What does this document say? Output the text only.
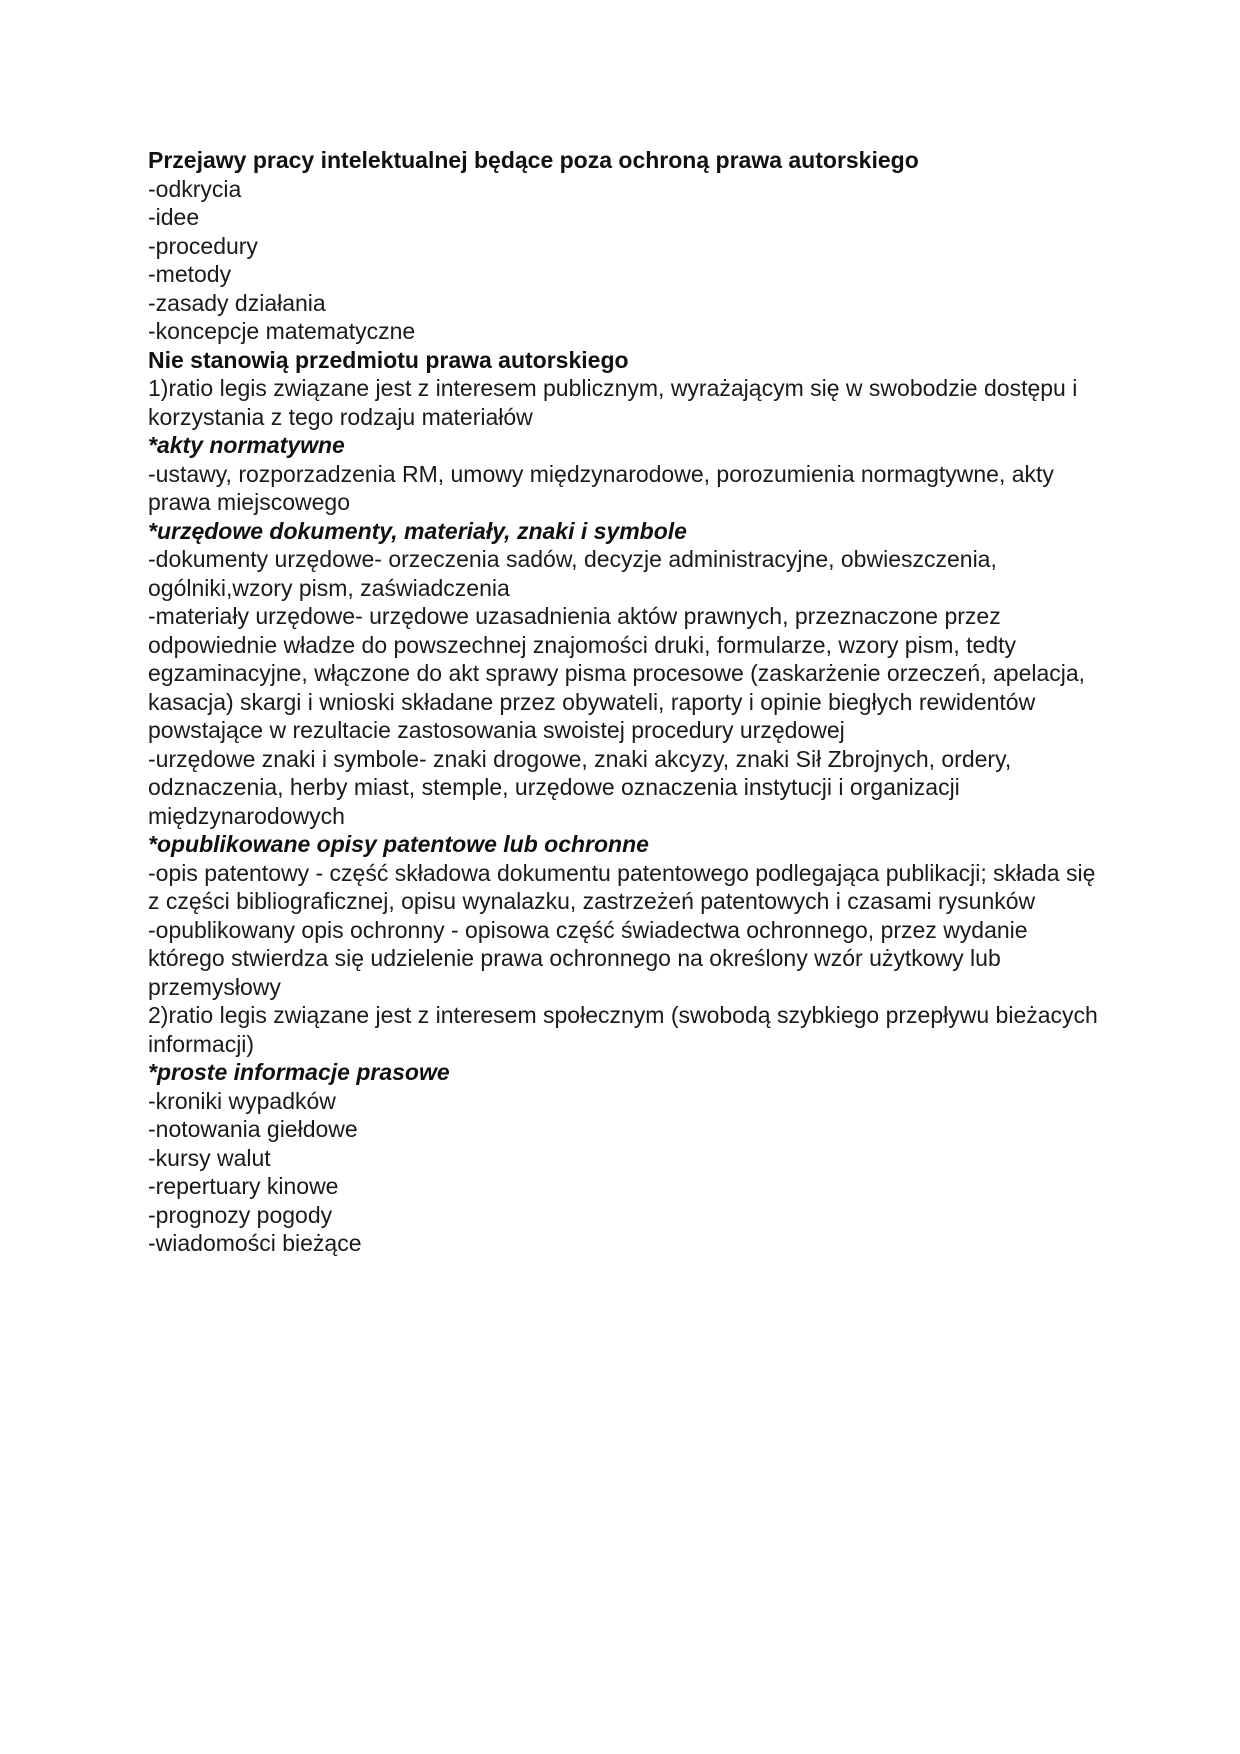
Przejawy pracy intelektualnej będące poza ochroną prawa autorskiego

-odkrycia

-idee

-procedury

-metody

-zasady działania

-koncepcje matematyczne

Nie stanowią przedmiotu prawa autorskiego

1)ratio legis związane jest z interesem publicznym, wyrażającym się w swobodzie dostępu i korzystania z tego rodzaju materiałów

*akty normatywne

-ustawy, rozporzadzenia RM, umowy międzynarodowe, porozumienia normagtywne, akty prawa miejscowego

*urzędowe dokumenty, materiały, znaki i symbole

-dokumenty urzędowe- orzeczenia sadów, decyzje administracyjne, obwieszczenia, ogólniki,wzory pism, zaświadczenia

-materiały urzędowe- urzędowe uzasadnienia aktów prawnych, przeznaczone przez odpowiednie władze do powszechnej znajomości druki, formularze, wzory pism, tedty egzaminacyjne, włączone do akt sprawy pisma procesowe (zaskarżenie orzeczeń, apelacja, kasacja) skargi i wnioski składane przez obywateli, raporty i opinie biegłych rewidentów powstające w rezultacie zastosowania swoistej procedury urzędowej

-urzędowe znaki i symbole- znaki drogowe, znaki akcyzy, znaki Sił Zbrojnych, ordery, odznaczenia, herby miast, stemple, urzędowe oznaczenia instytucji i organizacji międzynarodowych

*opublikowane opisy patentowe lub ochronne

-opis patentowy - część składowa dokumentu patentowego podlegająca publikacji; składa się z części bibliograficznej, opisu wynalazku, zastrzeżeń patentowych i czasami rysunków

-opublikowany opis ochronny - opisowa część świadectwa ochronnego, przez wydanie którego stwierdza się udzielenie prawa ochronnego na określony wzór użytkowy lub przemysłowy

2)ratio legis związane jest z interesem społecznym (swobodą szybkiego przepływu bieżacych informacji)

*proste informacje prasowe

-kroniki wypadków

-notowania giełdowe

-kursy walut

-repertuary kinowe

-prognozy pogody

-wiadomości bieżące
